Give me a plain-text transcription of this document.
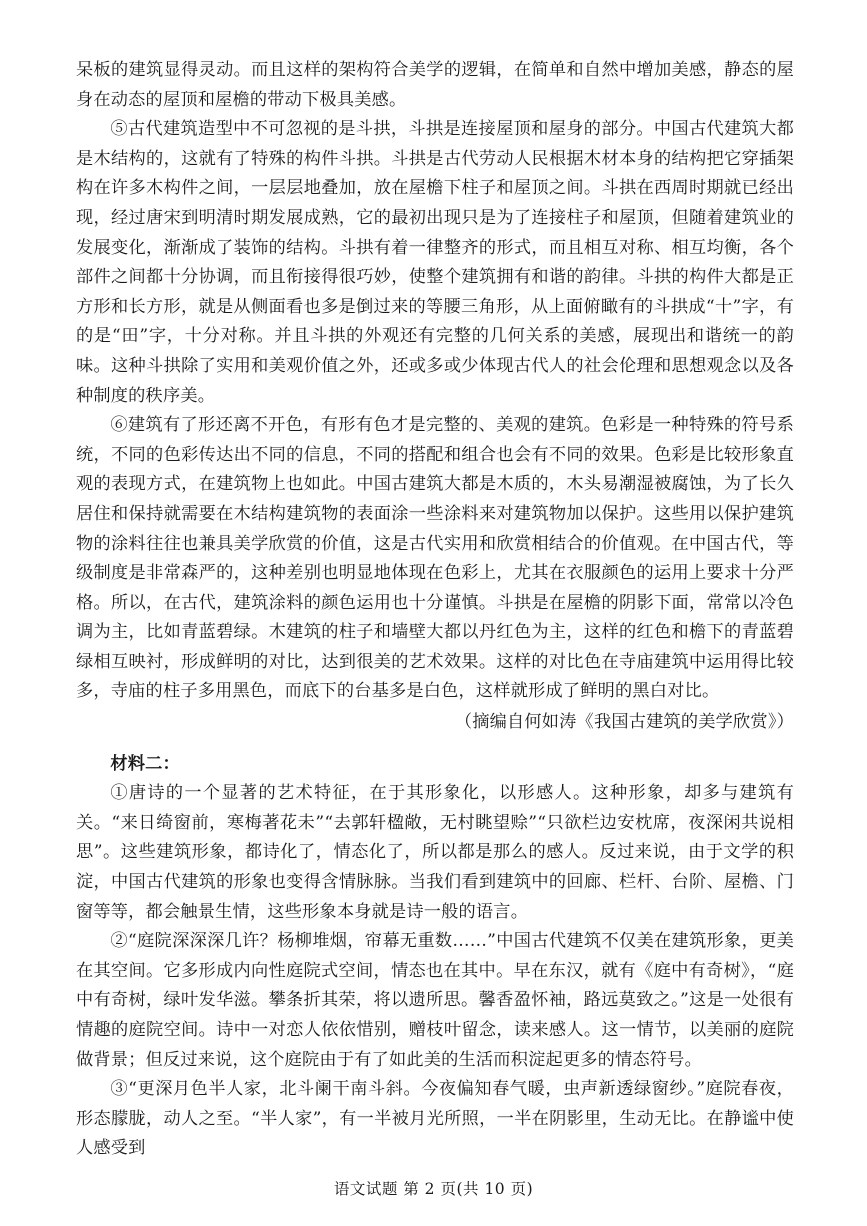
呆板的建筑显得灵动。而且这样的架构符合美学的逻辑，在简单和自然中增加美感，静态的屋身在动态的屋顶和屋檐的带动下极具美感。

⑤古代建筑造型中不可忽视的是斗拱，斗拱是连接屋顶和屋身的部分。中国古代建筑大都是木结构的，这就有了特殊的构件斗拱。斗拱是古代劳动人民根据木材本身的结构把它穿插架构在许多木构件之间，一层层地叠加，放在屋檐下柱子和屋顶之间。斗拱在西周时期就已经出现，经过唐宋到明清时期发展成熟，它的最初出现只是为了连接柱子和屋顶，但随着建筑业的发展变化，渐渐成了装饰的结构。斗拱有着一律整齐的形式，而且相互对称、相互均衡，各个部件之间都十分协调，而且衔接得很巧妙，使整个建筑拥有和谐的韵律。斗拱的构件大都是正方形和长方形，就是从侧面看也多是倒过来的等腰三角形，从上面俯瞰有的斗拱成“十”字，有的是“田”字，十分对称。并且斗拱的外观还有完整的几何关系的美感，展现出和谐统一的韵味。这种斗拱除了实用和美观价值之外，还或多或少体现古代人的社会伦理和思想观念以及各种制度的秩序美。

⑥建筑有了形还离不开色，有形有色才是完整的、美观的建筑。色彩是一种特殊的符号系统，不同的色彩传达出不同的信息，不同的搭配和组合也会有不同的效果。色彩是比较形象直观的表现方式，在建筑物上也如此。中国古建筑大都是木质的，木头易潮湿被腐蚀，为了长久居住和保持就需要在木结构建筑物的表面涂一些涂料来对建筑物加以保护。这些用以保护建筑物的涂料往往也兼具美学欣赏的价值，这是古代实用和欣赏相结合的价值观。在中国古代，等级制度是非常森严的，这种差别也明显地体现在色彩上，尤其在衣服颜色的运用上要求十分严格。所以，在古代，建筑涂料的颜色运用也十分谨慎。斗拱是在屋檐的阴影下面，常常以冷色调为主，比如青蓝碧绿。木建筑的柱子和墙壁大都以丹红色为主，这样的红色和檐下的青蓝碧绿相互映衬，形成鲜明的对比，达到很美的艺术效果。这样的对比色在寺庙建筑中运用得比较多，寺庙的柱子多用黑色，而底下的台基多是白色，这样就形成了鲜明的黑白对比。

（摘编自何如涛《我国古建筑的美学欣赏》）

材料二：

①唐诗的一个显著的艺术特征，在于其形象化，以形感人。这种形象，却多与建筑有关。“来日绮窗前，寒梅著花未”“去郭轩楹敞，无村眺望赊”“只欲栏边安枕席，夜深闲共说相思”。这些建筑形象，都诗化了，情态化了，所以都是那么的感人。反过来说，由于文学的积淀，中国古代建筑的形象也变得含情脉脉。当我们看到建筑中的回廊、栏杆、台阶、屋檐、门窗等等，都会触景生情，这些形象本身就是诗一般的语言。

②“庭院深深深几许？杨柳堆烟，帘幕无重数……”中国古代建筑不仅美在建筑形象，更美在其空间。它多形成内向性庭院式空间，情态也在其中。早在东汉，就有《庭中有奇树》，“庭中有奇树，绿叶发华滋。攀条折其荣，将以遗所思。馨香盈怀袖，路远莫致之。”这是一处很有情趣的庭院空间。诗中一对恋人依依惜别，赠枝叶留念，读来感人。这一情节，以美丽的庭院做背景；但反过来说，这个庭院由于有了如此美的生活而积淀起更多的情态符号。

③“更深月色半人家，北斗阑干南斗斜。今夜偏知春气暖，虫声新透绿窗纱。”庭院春夜，形态朦胧，动人之至。“半人家”，有一半被月光所照，一半在阴影里，生动无比。在静谧中使人感受到

语文试题 第 2 页(共 10 页)
